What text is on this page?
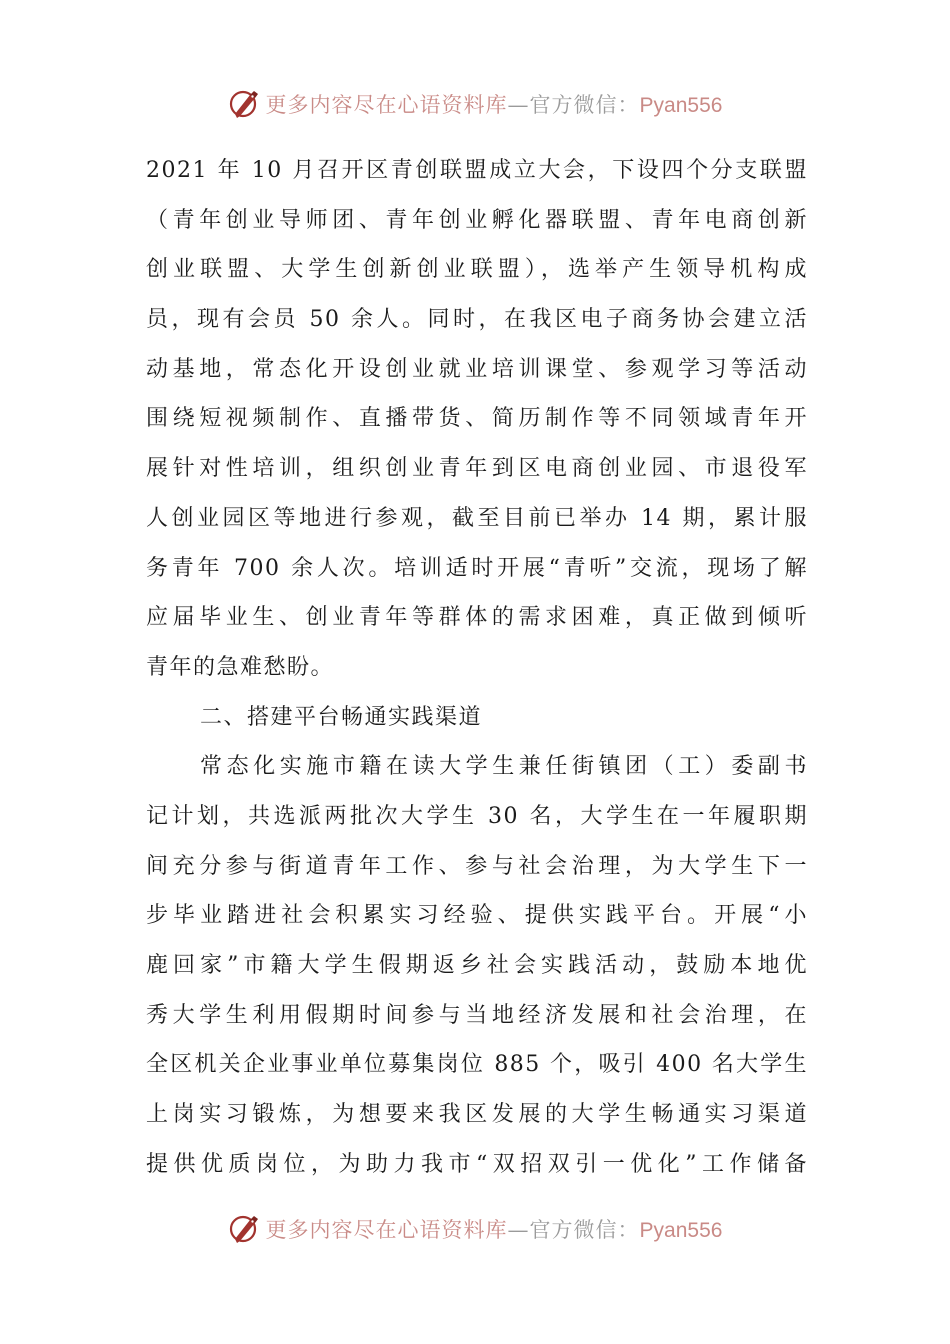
更多内容尽在心语资料库—官方微信：Pyan556
2021 年 10 月召开区青创联盟成立大会，下设四个分支联盟
（青年创业导师团、青年创业孵化器联盟、青年电商创新
创业联盟、大学生创新创业联盟），选举产生领导机构成
员，现有会员 50 余人。同时，在我区电子商务协会建立活
动基地，常态化开设创业就业培训课堂、参观学习等活动
围绕短视频制作、直播带货、简历制作等不同领域青年开
展针对性培训，组织创业青年到区电商创业园、市退役军
人创业园区等地进行参观，截至目前已举办 14 期，累计服
务青年 700 余人次。培训适时开展“青听”交流，现场了解
应届毕业生、创业青年等群体的需求困难，真正做到倾听
青年的急难愁盼。
二、搭建平台畅通实践渠道
常态化实施市籍在读大学生兼任街镇团（工）委副书
记计划，共选派两批次大学生 30 名，大学生在一年履职期
间充分参与街道青年工作、参与社会治理，为大学生下一
步毕业踏进社会积累实习经验、提供实践平台。开展“小
鹿回家”市籍大学生假期返乡社会实践活动，鼓励本地优
秀大学生利用假期时间参与当地经济发展和社会治理，在
全区机关企业事业单位募集岗位 885 个，吸引 400 名大学生
上岗实习锻炼，为想要来我区发展的大学生畅通实习渠道
提供优质岗位，为助力我市“双招双引一优化”工作储备
更多内容尽在心语资料库—官方微信：Pyan556
